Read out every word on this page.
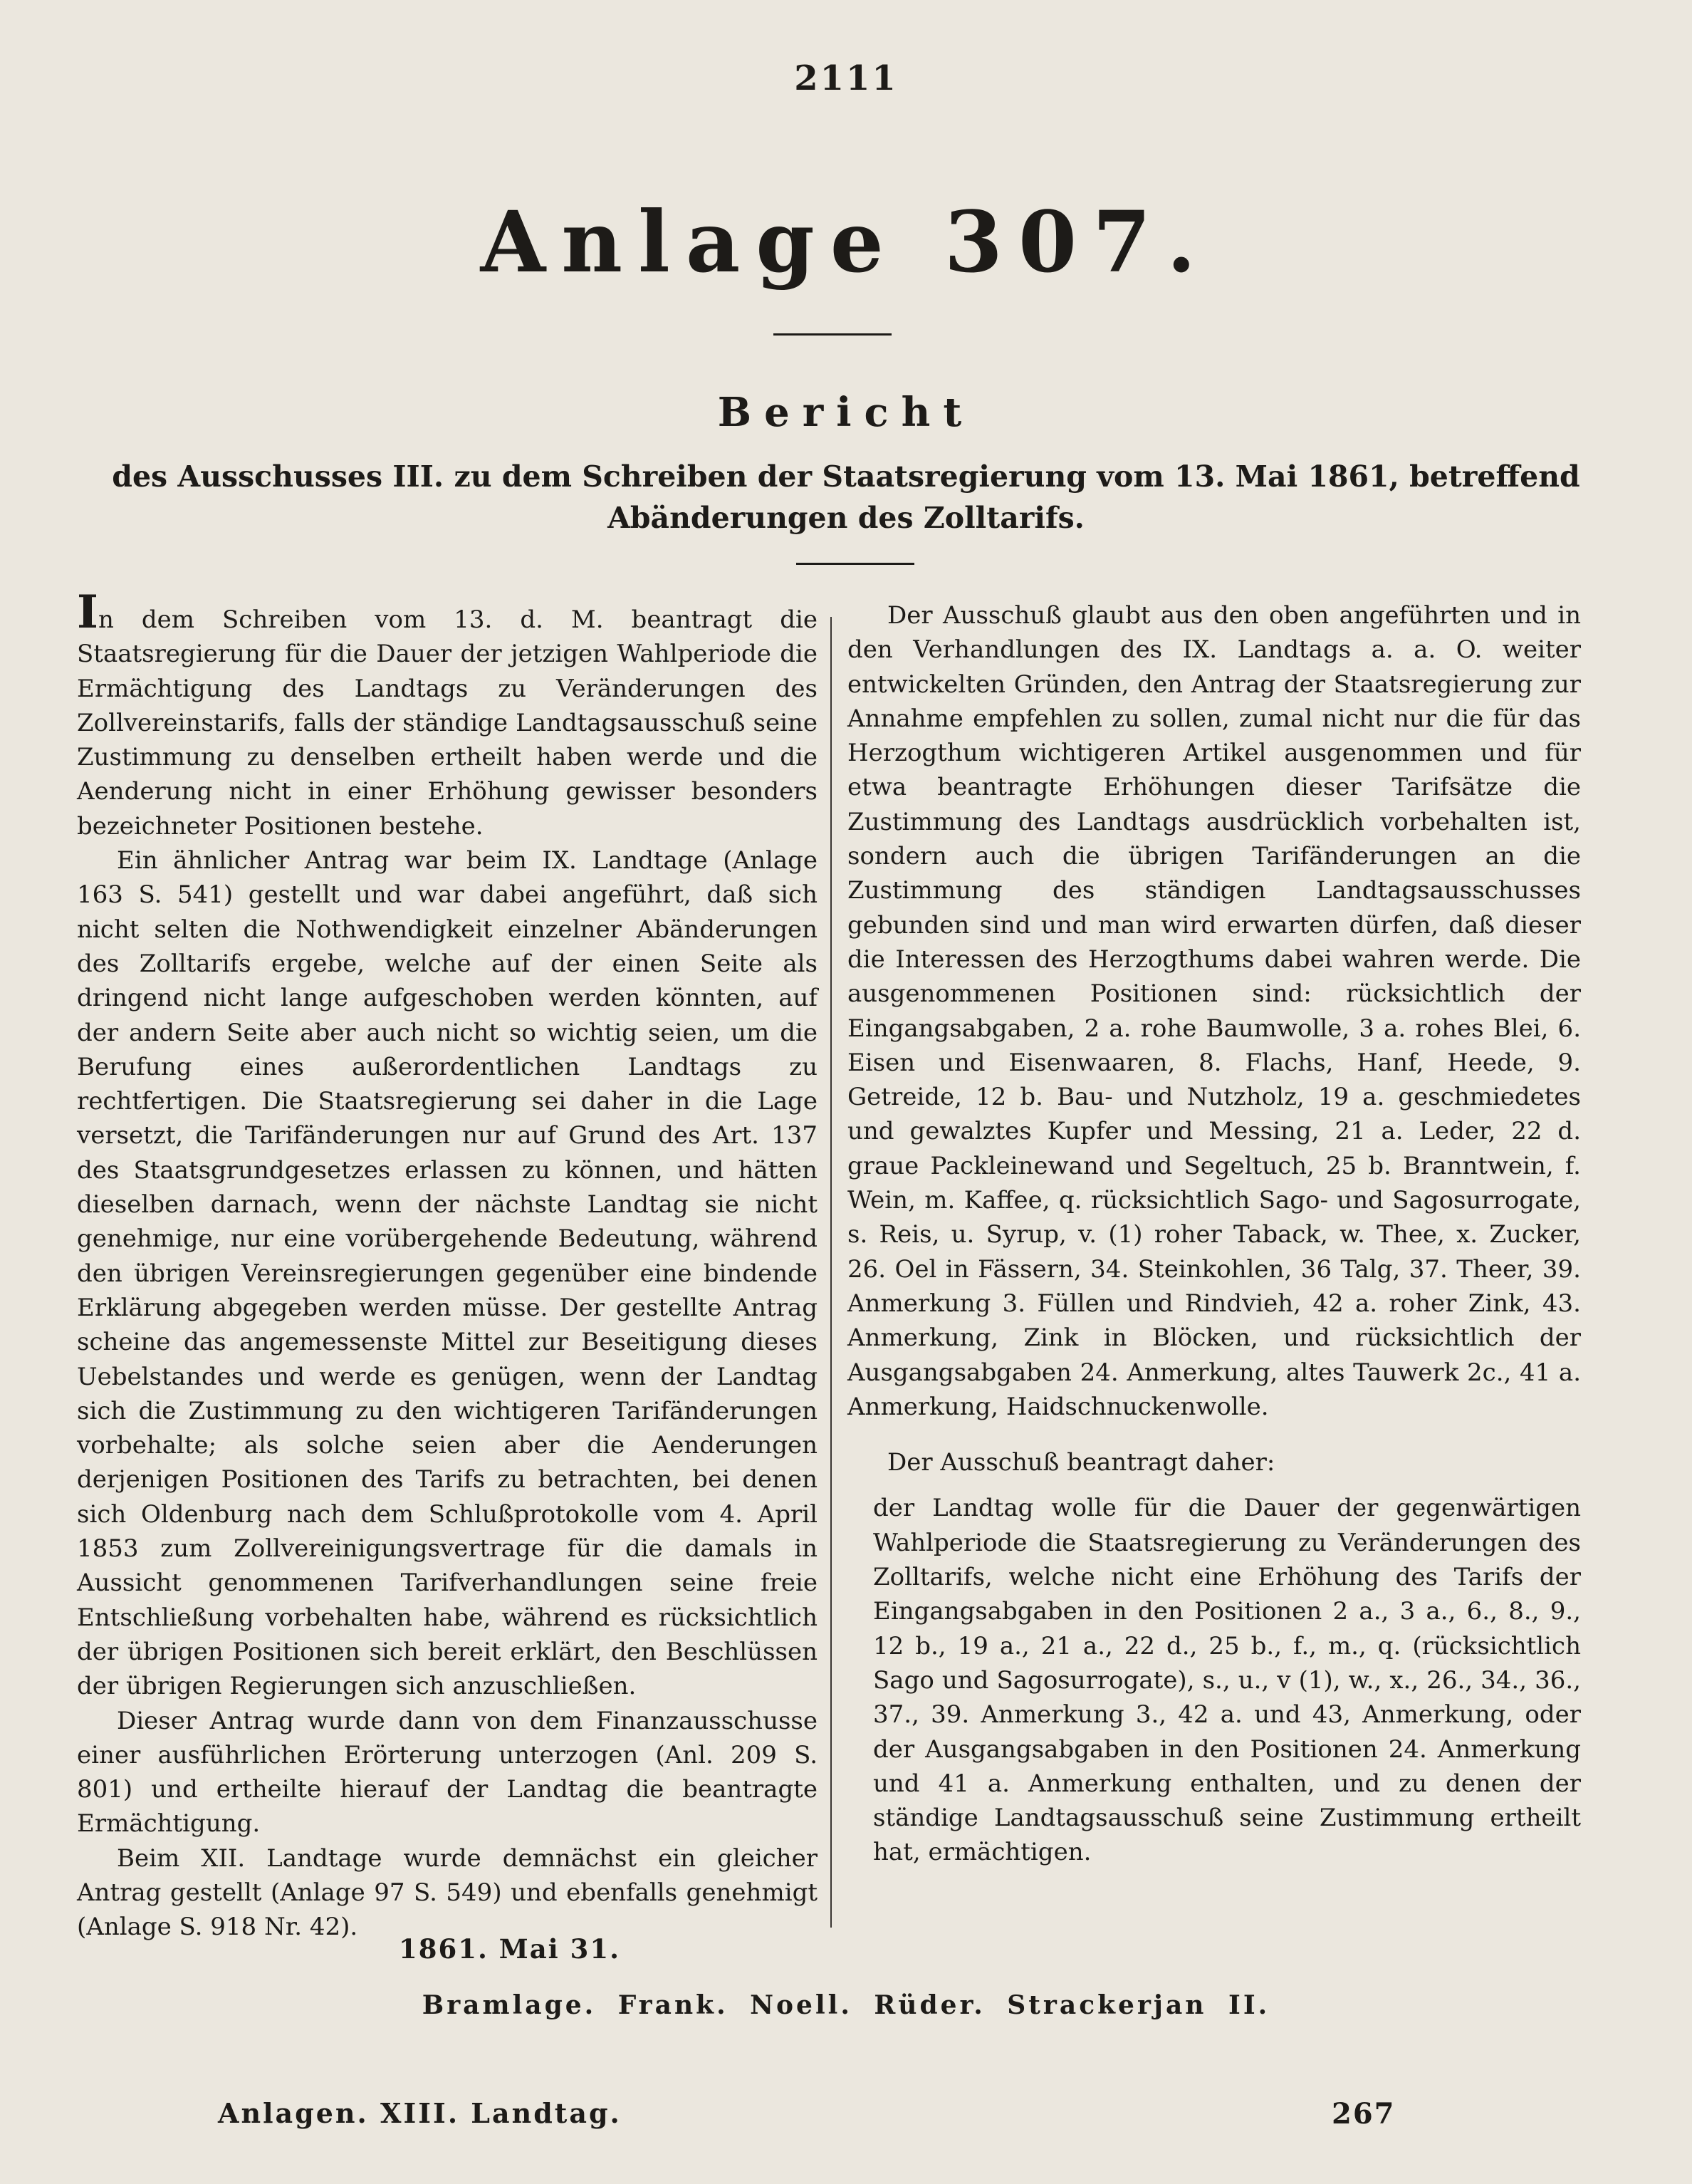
2111
Anlage 307.
Bericht
des Ausschusses III. zu dem Schreiben der Staatsregierung vom 13. Mai 1861, betreffend Abänderungen des Zolltarifs.

In dem Schreiben vom 13. d. M. beantragt die Staatsregierung für die Dauer der jetzigen Wahlperiode die Ermächtigung des Landtags zu Veränderungen des Zollvereinstarifs, falls der ständige Landtagsausschuß seine Zustimmung zu denselben ertheilt haben werde und die Aenderung nicht in einer Erhöhung gewisser besonders bezeichneter Positionen bestehe.

Ein ähnlicher Antrag war beim IX. Landtage (Anlage 163 S. 541) gestellt und war dabei angeführt, daß sich nicht selten die Nothwendigkeit einzelner Abänderungen des Zolltarifs ergebe, welche auf der einen Seite als dringend nicht lange aufgeschoben werden könnten, auf der andern Seite aber auch nicht so wichtig seien, um die Berufung eines außerordentlichen Landtags zu rechtfertigen. Die Staatsregierung sei daher in die Lage versetzt, die Tarifänderungen nur auf Grund des Art. 137 des Staatsgrundgesetzes erlassen zu können, und hätten dieselben darnach, wenn der nächste Landtag sie nicht genehmige, nur eine vorübergehende Bedeutung, während den übrigen Vereinsregierungen gegenüber eine bindende Erklärung abgegeben werden müsse. Der gestellte Antrag scheine das angemessenste Mittel zur Beseitigung dieses Uebelstandes und werde es genügen, wenn der Landtag sich die Zustimmung zu den wichtigeren Tarifänderungen vorbehalte; als solche seien aber die Aenderungen derjenigen Positionen des Tarifs zu betrachten, bei denen sich Oldenburg nach dem Schlußprotokolle vom 4. April 1853 zum Zollvereinigungsvertrage für die damals in Aussicht genommenen Tarifverhandlungen seine freie Entschließung vorbehalten habe, während es rücksichtlich der übrigen Positionen sich bereit erklärt, den Beschlüssen der übrigen Regierungen sich anzuschließen.

Dieser Antrag wurde dann von dem Finanzausschusse einer ausführlichen Erörterung unterzogen (Anl. 209 S. 801) und ertheilte hierauf der Landtag die beantragte Ermächtigung.

Beim XII. Landtage wurde demnächst ein gleicher Antrag gestellt (Anlage 97 S. 549) und ebenfalls genehmigt (Anlage S. 918 Nr. 42).

Der Ausschuß glaubt aus den oben angeführten und in den Verhandlungen des IX. Landtags a. a. O. weiter entwickelten Gründen, den Antrag der Staatsregierung zur Annahme empfehlen zu sollen, zumal nicht nur die für das Herzogthum wichtigeren Artikel ausgenommen und für etwa beantragte Erhöhungen dieser Tarifsätze die Zustimmung des Landtags ausdrücklich vorbehalten ist, sondern auch die übrigen Tarifänderungen an die Zustimmung des ständigen Landtagsausschusses gebunden sind und man wird erwarten dürfen, daß dieser die Interessen des Herzogthums dabei wahren werde. Die ausgenommenen Positionen sind: rücksichtlich der Eingangsabgaben, 2 a. rohe Baumwolle, 3 a. rohes Blei, 6. Eisen und Eisenwaaren, 8. Flachs, Hanf, Heede, 9. Getreide, 12 b. Bau- und Nutzholz, 19 a. geschmiedetes und gewalztes Kupfer und Messing, 21 a. Leder, 22 d. graue Packleinewand und Segeltuch, 25 b. Branntwein, f. Wein, m. Kaffee, q. rücksichtlich Sago- und Sagosurrogate, s. Reis, u. Syrup, v. (1) roher Taback, w. Thee, x. Zucker, 26. Oel in Fässern, 34. Steinkohlen, 36 Talg, 37. Theer, 39. Anmerkung 3. Füllen und Rindvieh, 42 a. roher Zink, 43. Anmerkung, Zink in Blöcken, und rücksichtlich der Ausgangsabgaben 24. Anmerkung, altes Tauwerk 2c., 41 a. Anmerkung, Haidschnuckenwolle.

Der Ausschuß beantragt daher:

der Landtag wolle für die Dauer der gegenwärtigen Wahlperiode die Staatsregierung zu Veränderungen des Zolltarifs, welche nicht eine Erhöhung des Tarifs der Eingangsabgaben in den Positionen 2 a., 3 a., 6., 8., 9., 12 b., 19 a., 21 a., 22 d., 25 b., f., m., q. (rücksichtlich Sago und Sagosurrogate), s., u., v (1), w., x., 26., 34., 36., 37., 39. Anmerkung 3., 42 a. und 43, Anmerkung, oder der Ausgangsabgaben in den Positionen 24. Anmerkung und 41 a. Anmerkung enthalten, und zu denen der ständige Landtagsausschuß seine Zustimmung ertheilt hat, ermächtigen.

1861. Mai 31.
Bramlage. Frank. Noell. Rüder. Strackerjan II.
Anlagen. XIII. Landtag.	267
